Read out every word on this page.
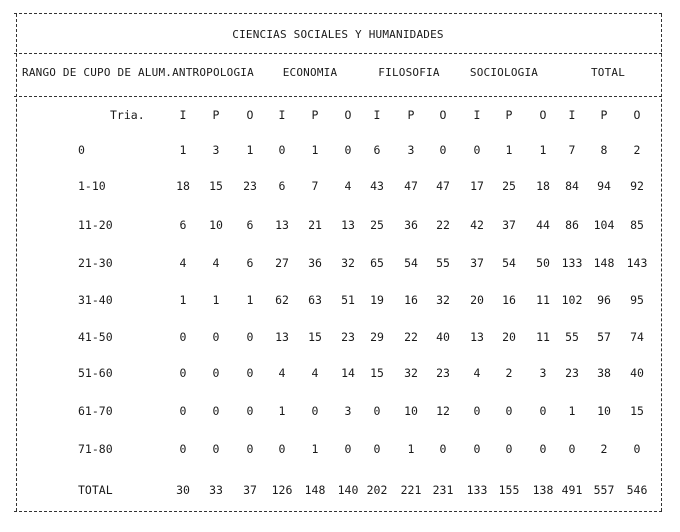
CIENCIAS SOCIALES Y HUMANIDADES
RANGO DE CUPO DE ALUM. ANTROPOLOGIA	ECONOMIA	FILOSOFIA	SOCIOLOGIA	TOTAL
Tria.	I P O I P O I P O I P O I P O
0	1 3 1 0 1 0 6 3 0 0 1 1 7 8 2
1-10	18 15 23 6 7 4 43 47 47 17 25 18 84 94 92
11-20	6 10 6 13 21 13 25 36 22 42 37 44 86 104 85
21-30	4 4 6 27 36 32 65 54 55 37 54 50 133 148 143
31-40	1 1 1 62 63 51 19 16 32 20 16 11 102 96 95
41-50	0 0 0 13 15 23 29 22 40 13 20 11 55 57 74
51-60	0 0 0 4 4 14 15 32 23 4 2 3 23 38 40
61-70	0 0 0 1 0 3 0 10 12 0 0 0 1 10 15
71-80	0 0 0 0 1 0 0 1 0 0 0 0 0 2 0
TOTAL	30 33 37 126 148 140 202 221 231 133 155 138 491 557 546
